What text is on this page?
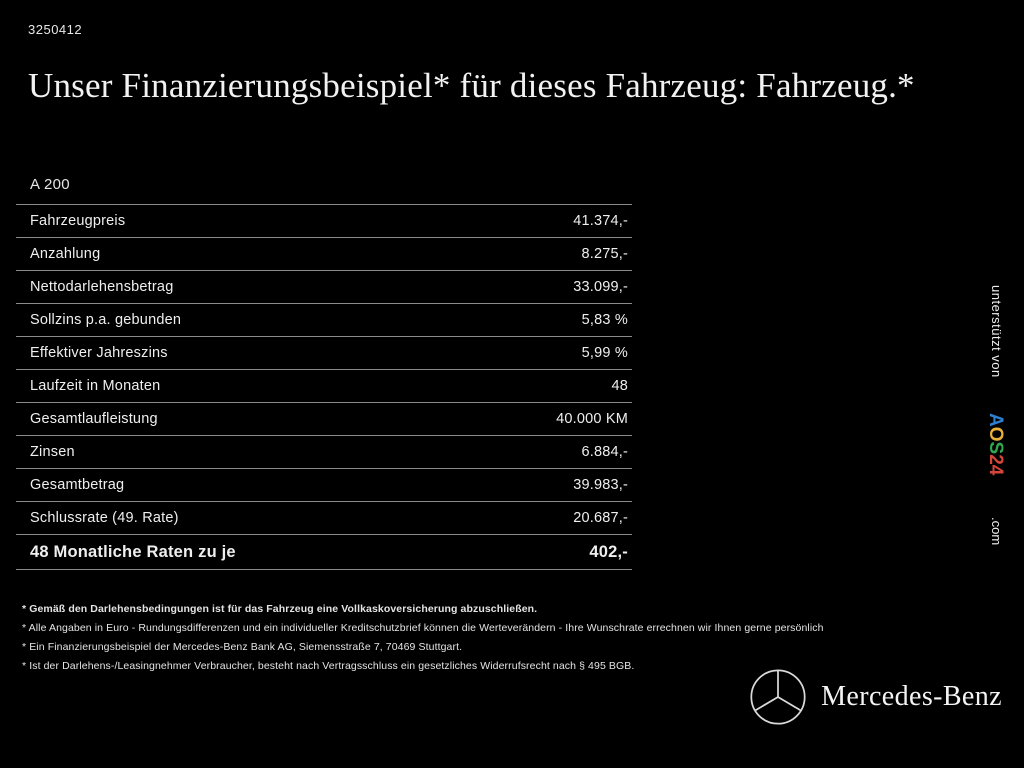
3250412
Unser Finanzierungsbeispiel* für dieses Fahrzeug: Fahrzeug.*
A 200
Fahrzeugpreis	41.374,-
Anzahlung	8.275,-
Nettodarlehensbetrag	33.099,-
Sollzins p.a. gebunden	5,83 %
Effektiver Jahreszins	5,99 %
Laufzeit in Monaten	48
Gesamtlaufleistung	40.000 KM
Zinsen	6.884,-
Gesamtbetrag	39.983,-
Schlussrate (49. Rate)	20.687,-
48 Monatliche Raten zu je	402,-
* Gemäß den Darlehensbedingungen ist für das Fahrzeug eine Vollkaskoversicherung abzuschließen.
* Alle Angaben in Euro - Rundungsdifferenzen und ein individueller Kreditschutzbrief können die Werteverändern - Ihre Wunschrate errechnen wir Ihnen gerne persönlich
* Ein Finanzierungsbeispiel der Mercedes-Benz Bank AG, Siemensstraße 7, 70469 Stuttgart.
* Ist der Darlehens-/Leasingnehmer Verbraucher, besteht nach Vertragsschluss ein gesetzliches Widerrufsrecht nach § 495 BGB.
unterstützt von
AOS24
.com
Mercedes-Benz
